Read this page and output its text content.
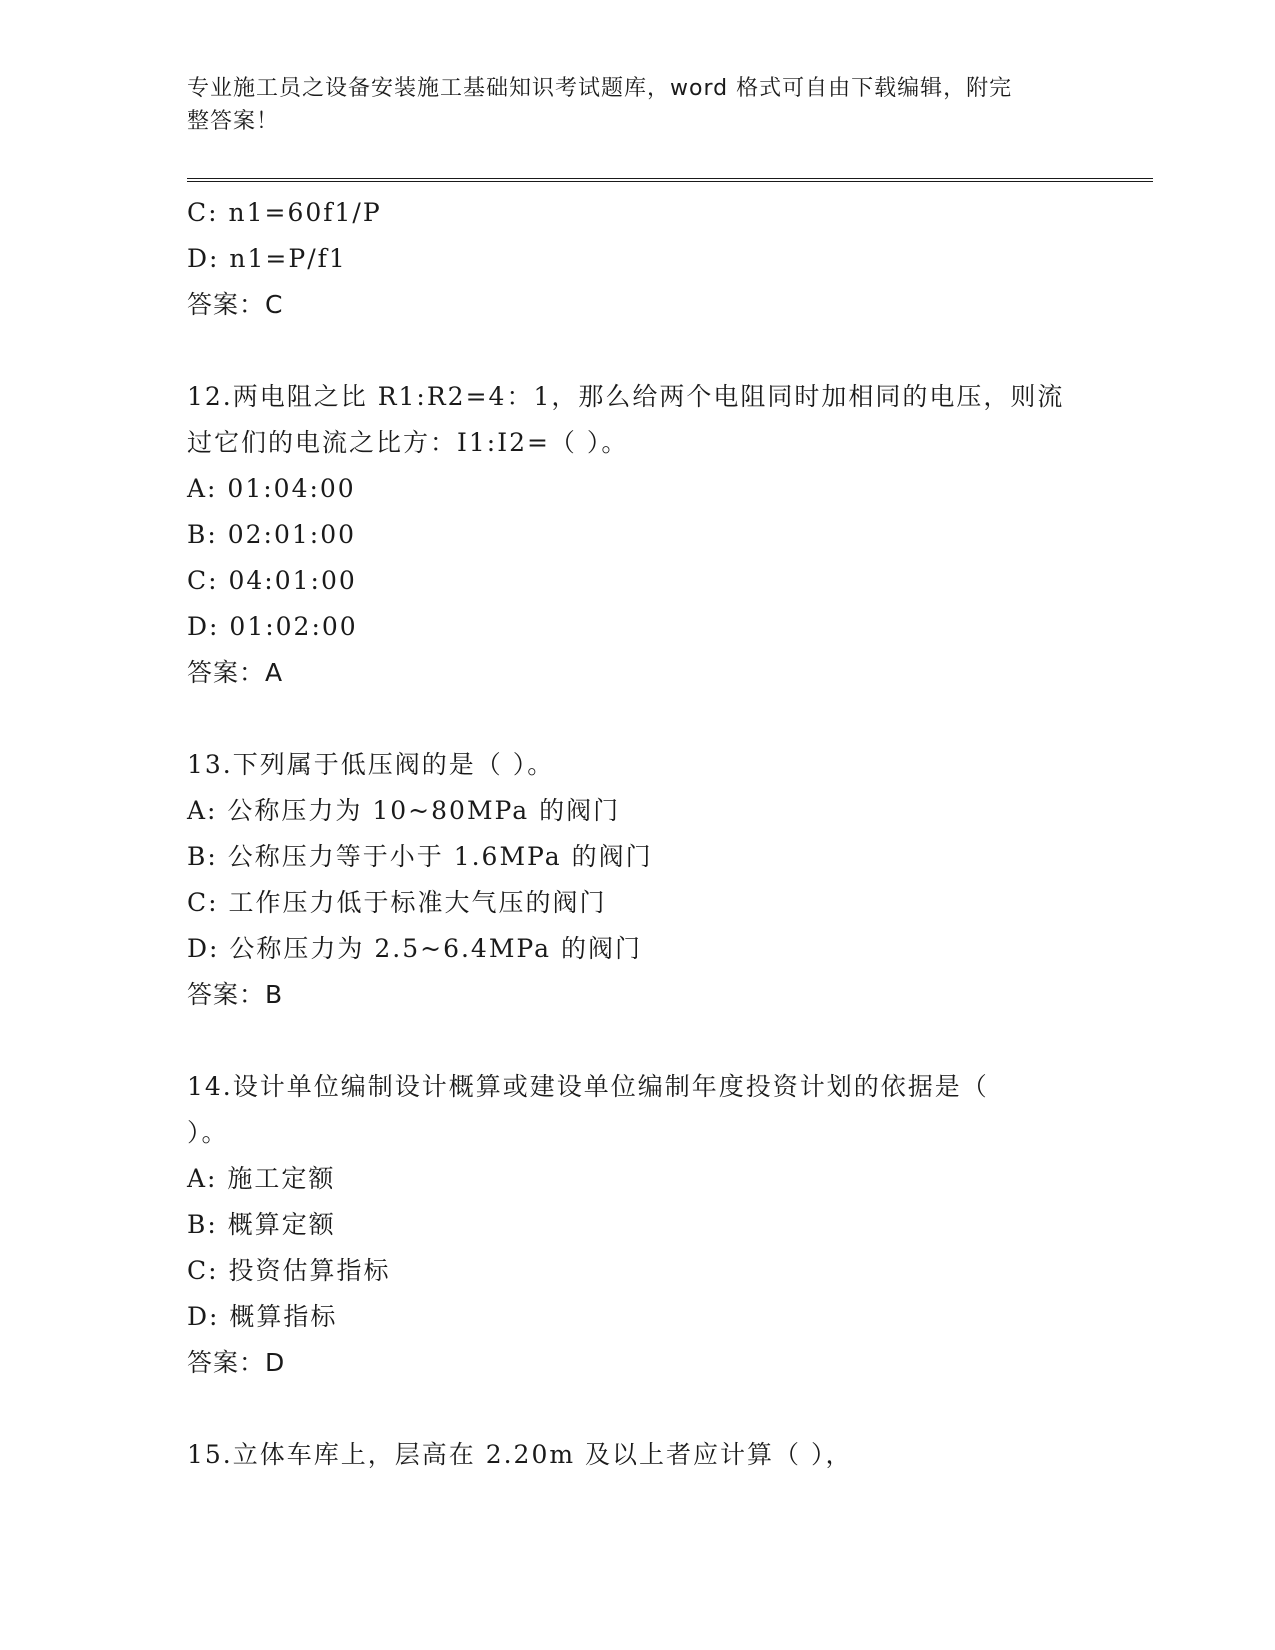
专业施工员之设备安装施工基础知识考试题库，word 格式可自由下载编辑，附完
整答案！
C: n1=60f1/P
D: n1=P/f1
答案：C
12.两电阻之比 R1:R2=4：1，那么给两个电阻同时加相同的电压，则流
过它们的电流之比方：I1:I2=（ ）。
A: 01:04:00
B: 02:01:00
C: 04:01:00
D: 01:02:00
答案：A
13.下列属于低压阀的是（ ）。
A: 公称压力为 10~80MPa 的阀门
B: 公称压力等于小于 1.6MPa 的阀门
C: 工作压力低于标准大气压的阀门
D: 公称压力为 2.5~6.4MPa 的阀门
答案：B
14.设计单位编制设计概算或建设单位编制年度投资计划的依据是（
）。
A: 施工定额
B: 概算定额
C: 投资估算指标
D: 概算指标
答案：D
15.立体车库上，层高在 2.20m 及以上者应计算（ ），
